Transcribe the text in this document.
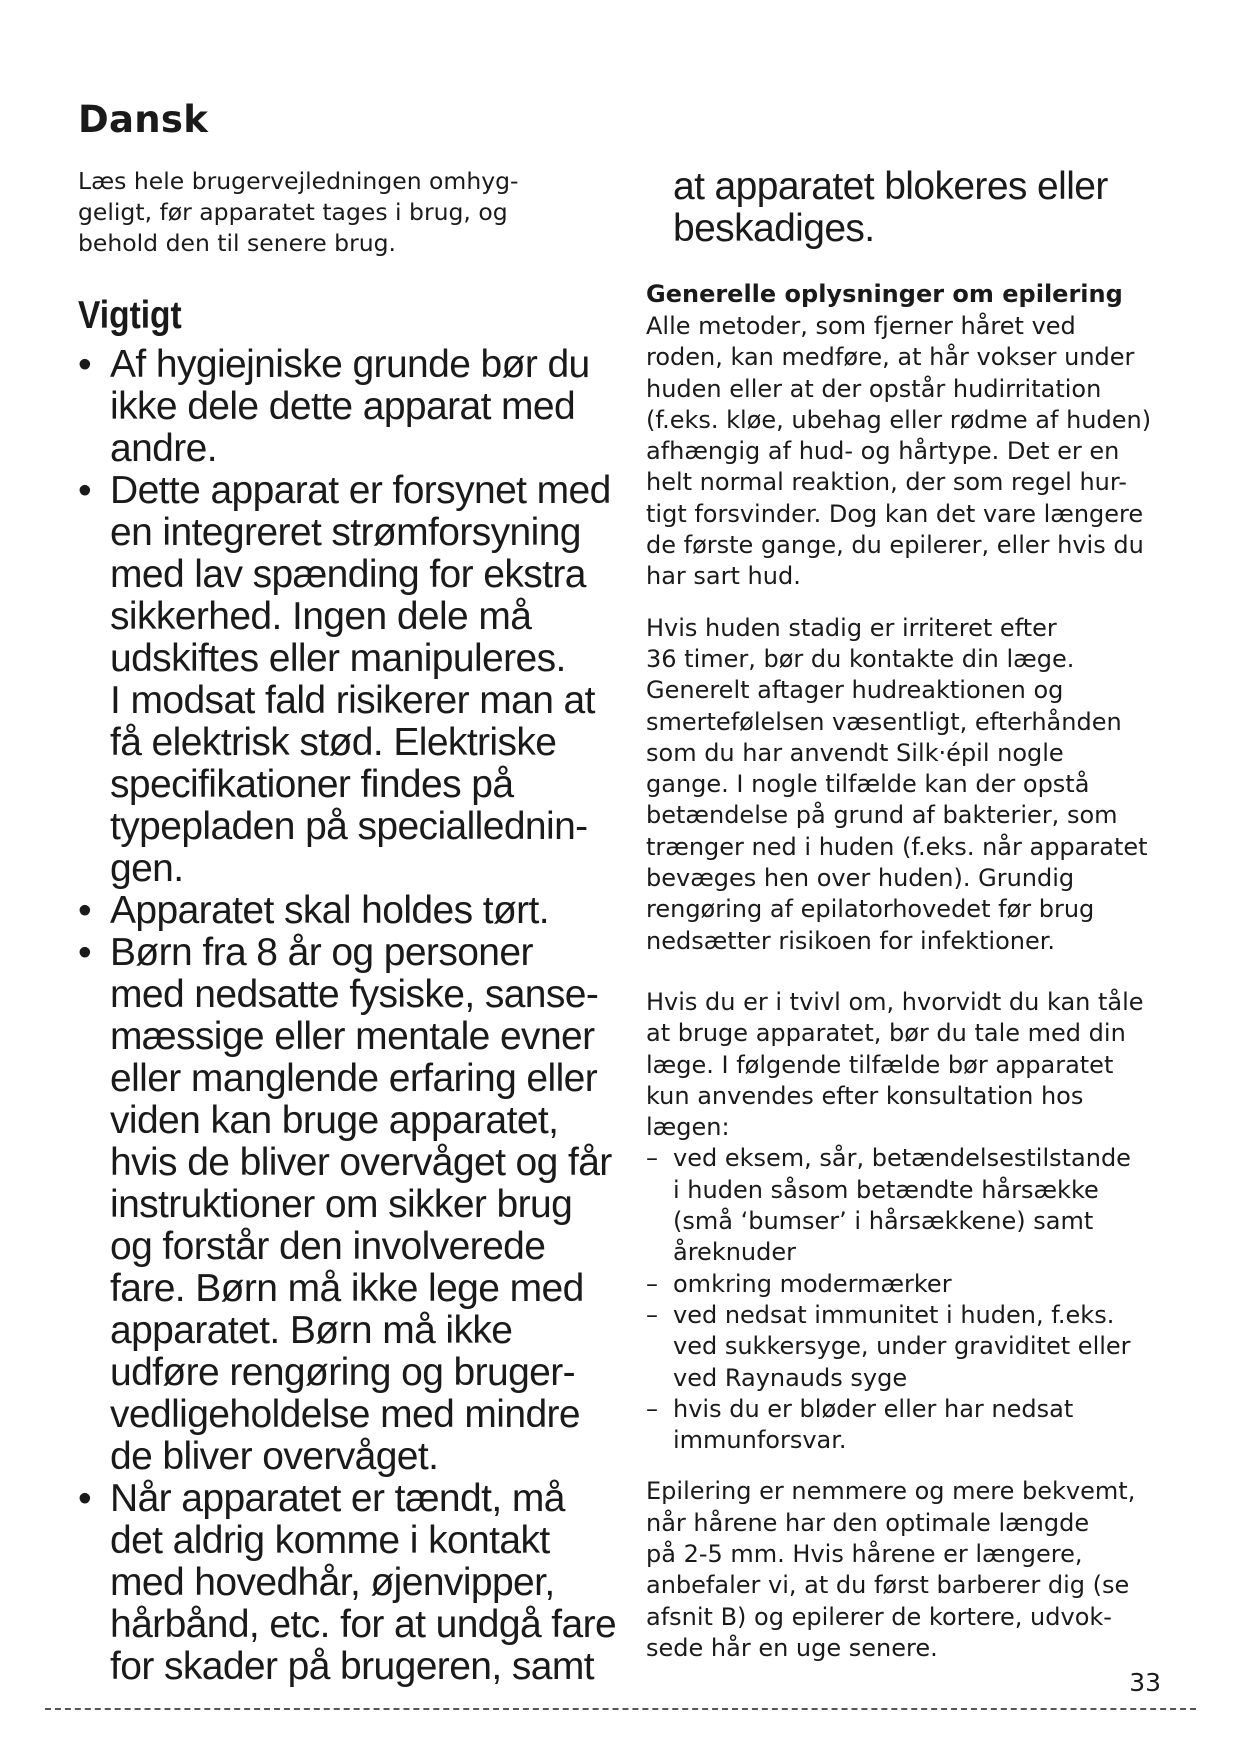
Dansk

Læs hele brugervejledningen omhyg-
geligt, før apparatet tages i brug, og
behold den til senere brug.

Vigtigt
• Af hygiejniske grunde bør du
ikke dele dette apparat med
andre.
• Dette apparat er forsynet med
en integreret strømforsyning
med lav spænding for ekstra
sikkerhed. Ingen dele må
udskiftes eller manipuleres.
I modsat fald risikerer man at
få elektrisk stød. Elektriske
specifikationer findes på
typepladen på speciallednin-
gen.
• Apparatet skal holdes tørt.
• Børn fra 8 år og personer
med nedsatte fysiske, sanse-
mæssige eller mentale evner
eller manglende erfaring eller
viden kan bruge apparatet,
hvis de bliver overvåget og får
instruktioner om sikker brug
og forstår den involverede
fare. Børn må ikke lege med
apparatet. Børn må ikke
udføre rengøring og bruger-
vedligeholdelse med mindre
de bliver overvåget.
• Når apparatet er tændt, må
det aldrig komme i kontakt
med hovedhår, øjenvipper,
hårbånd, etc. for at undgå fare
for skader på brugeren, samt

at apparatet blokeres eller
beskadiges.

Generelle oplysninger om epilering

Alle metoder, som fjerner håret ved
roden, kan medføre, at hår vokser under
huden eller at der opstår hudirritation
(f.eks. kløe, ubehag eller rødme af huden)
afhængig af hud- og hårtype. Det er en
helt normal reaktion, der som regel hur-
tigt forsvinder. Dog kan det vare længere
de første gange, du epilerer, eller hvis du
har sart hud.

Hvis huden stadig er irriteret efter
36 timer, bør du kontakte din læge.
Generelt aftager hudreaktionen og
smertefølelsen væsentligt, efterhånden
som du har anvendt Silk·épil nogle
gange. I nogle tilfælde kan der opstå
betændelse på grund af bakterier, som
trænger ned i huden (f.eks. når apparatet
bevæges hen over huden). Grundig
rengøring af epilatorhovedet før brug
nedsætter risikoen for infektioner.

Hvis du er i tvivl om, hvorvidt du kan tåle
at bruge apparatet, bør du tale med din
læge. I følgende tilfælde bør apparatet
kun anvendes efter konsultation hos
lægen:

– ved eksem, sår, betændelsestilstande
i huden såsom betændte hårsække
(små ‘bumser’ i hårsækkene) samt
åreknuder
– omkring modermærker
– ved nedsat immunitet i huden, f.eks.
ved sukkersyge, under graviditet eller
ved Raynauds syge
– hvis du er bløder eller har nedsat
immunforsvar.

Epilering er nemmere og mere bekvemt,
når hårene har den optimale længde
på 2-5 mm. Hvis hårene er længere,
anbefaler vi, at du først barberer dig (se
afsnit B) og epilerer de kortere, udvok-
sede hår en uge senere.

33
